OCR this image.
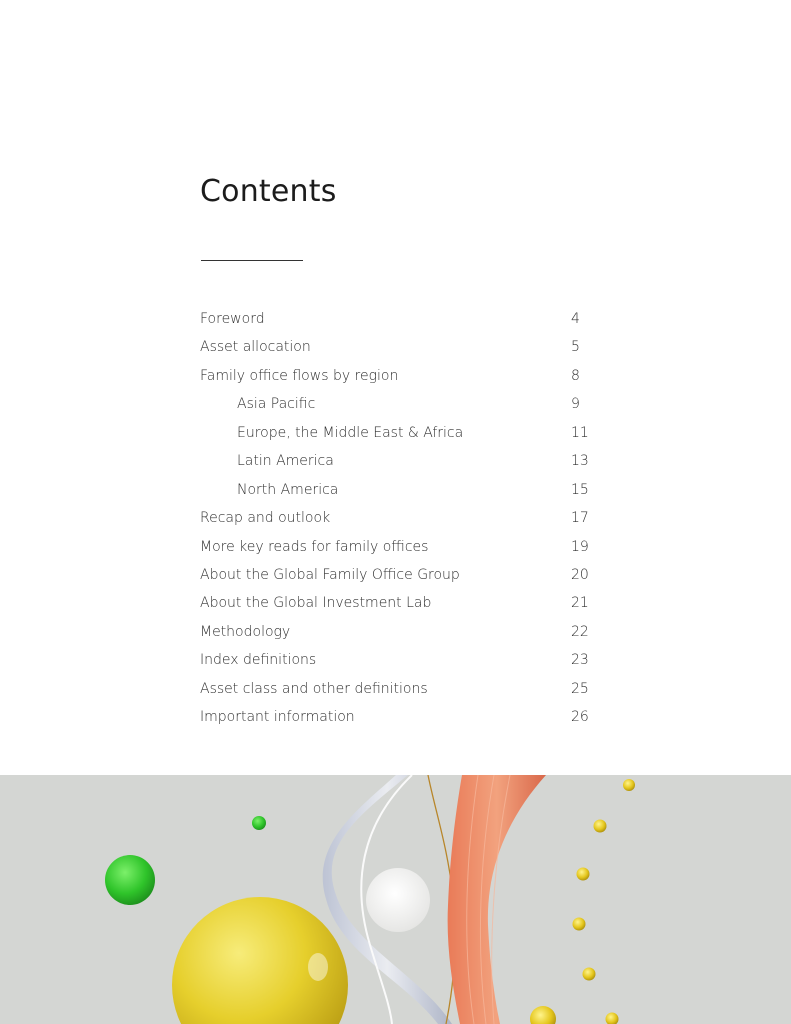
Contents
Foreword	4
Asset allocation	5
Family office flows by region	8
Asia Pacific	9
Europe, the Middle East & Africa	11
Latin America	13
North America	15
Recap and outlook	17
More key reads for family offices	19
About the Global Family Office Group	20
About the Global Investment Lab	21
Methodology	22
Index definitions	23
Asset class and other definitions	25
Important information	26
